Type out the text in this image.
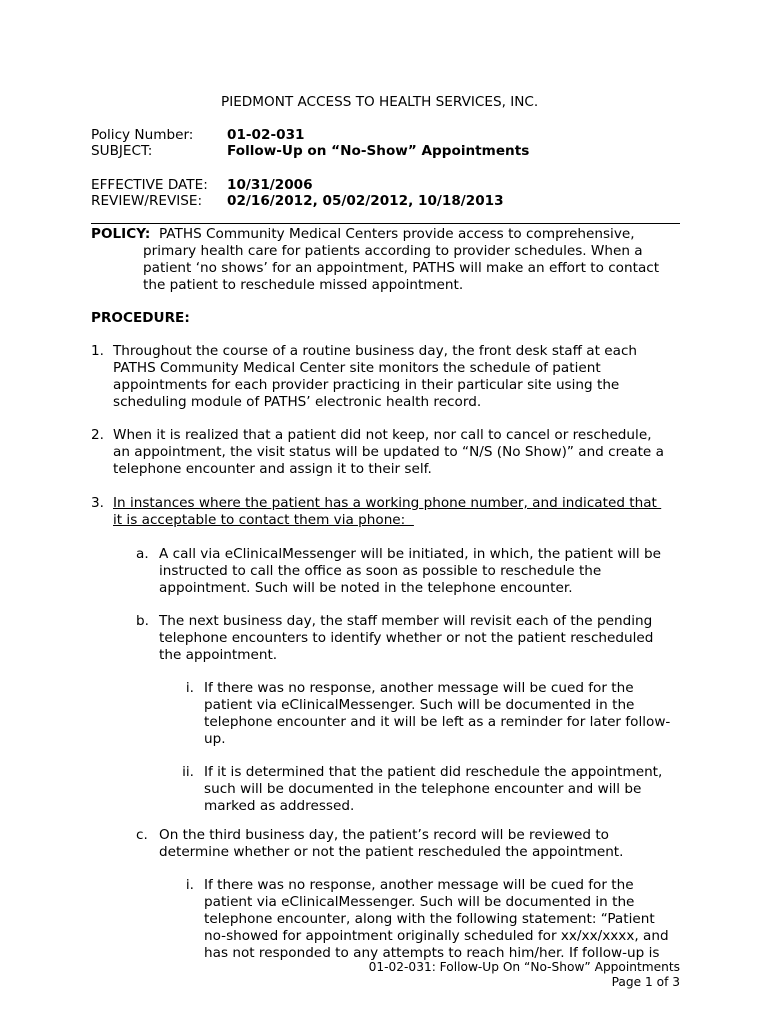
PIEDMONT ACCESS TO HEALTH SERVICES, INC.
Policy Number: 01-02-031
SUBJECT:	Follow-Up on “No-Show” Appointments
EFFECTIVE DATE: 10/31/2006
REVIEW/REVISE: 02/16/2012, 05/02/2012, 10/18/2013
POLICY: PATHS Community Medical Centers provide access to comprehensive,
primary health care for patients according to provider schedules. When a
patient ‘no shows’ for an appointment, PATHS will make an effort to contact
the patient to reschedule missed appointment.
PROCEDURE:
1. Throughout the course of a routine business day, the front desk staff at each
PATHS Community Medical Center site monitors the schedule of patient
appointments for each provider practicing in their particular site using the
scheduling module of PATHS’ electronic health record.
2. When it is realized that a patient did not keep, nor call to cancel or reschedule,
an appointment, the visit status will be updated to “N/S (No Show)” and create a
telephone encounter and assign it to their self.
3. In instances where the patient has a working phone number, and indicated that
it is acceptable to contact them via phone:
a. A call via eClinicalMessenger will be initiated, in which, the patient will be
instructed to call the office as soon as possible to reschedule the
appointment. Such will be noted in the telephone encounter.
b. The next business day, the staff member will revisit each of the pending
telephone encounters to identify whether or not the patient rescheduled
the appointment.
i. If there was no response, another message will be cued for the
patient via eClinicalMessenger. Such will be documented in the
telephone encounter and it will be left as a reminder for later follow-
up.
ii. If it is determined that the patient did reschedule the appointment,
such will be documented in the telephone encounter and will be
marked as addressed.
c. On the third business day, the patient’s record will be reviewed to
determine whether or not the patient rescheduled the appointment.
i. If there was no response, another message will be cued for the
patient via eClinicalMessenger. Such will be documented in the
telephone encounter, along with the following statement: “Patient
no-showed for appointment originally scheduled for xx/xx/xxxx, and
has not responded to any attempts to reach him/her. If follow-up is
01-02-031: Follow-Up On “No-Show” Appointments
Page 1 of 3
